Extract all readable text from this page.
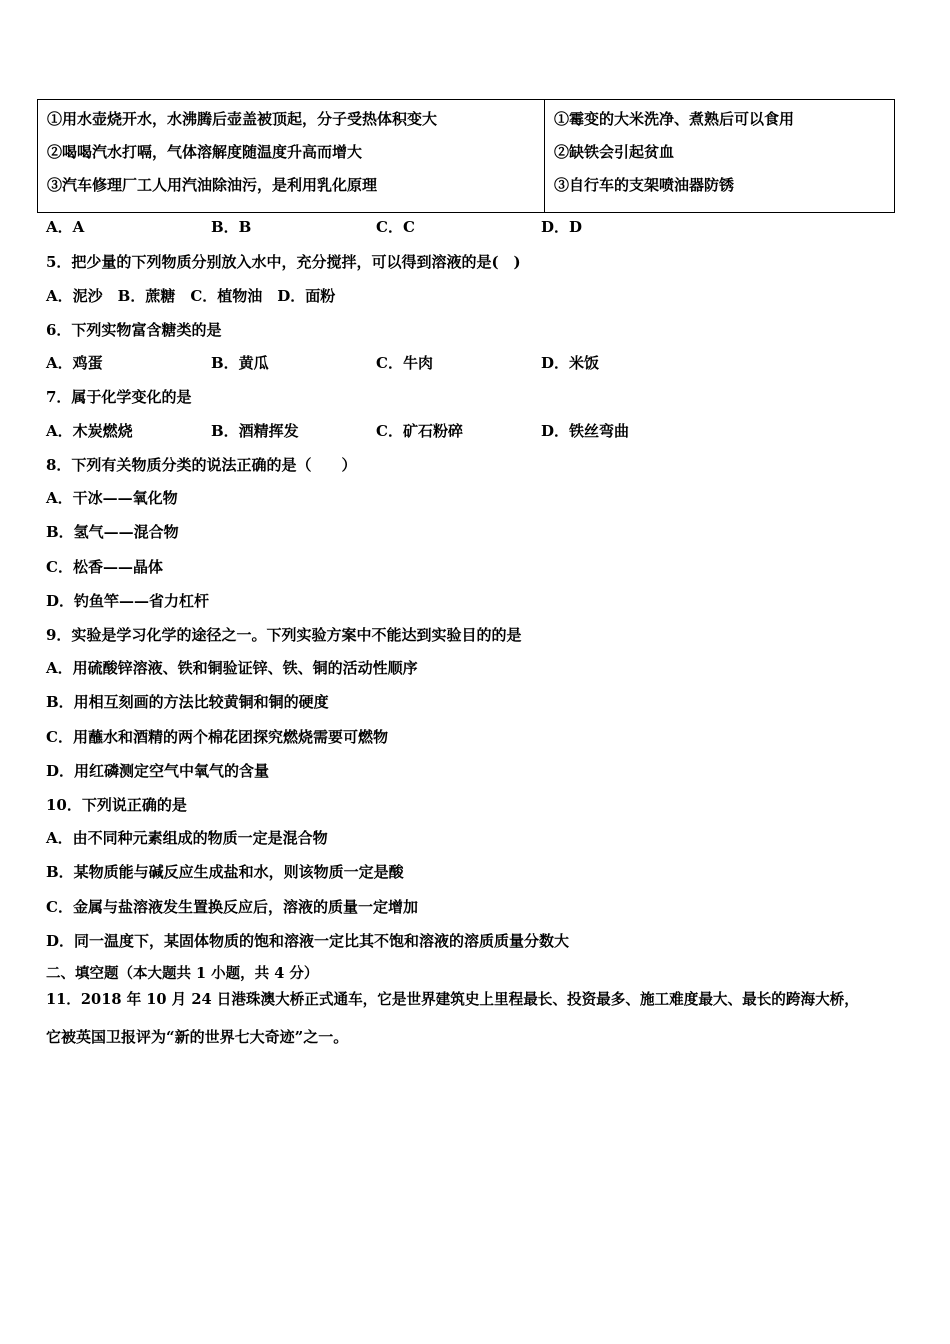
①用水壶烧开水，水沸腾后壶盖被顶起，分子受热体积变大
②喝喝汽水打嗝，气体溶解度随温度升高而增大
③汽车修理厂工人用汽油除油污，是利用乳化原理
①霉变的大米洗净、煮熟后可以食用
②缺铁会引起贫血
③自行车的支架喷油器防锈
A．A	B．B	C．C	D．D
5．把少量的下列物质分别放入水中，充分搅拌，可以得到溶液的是(　)
A．泥沙　B．蔗糖　C．植物油　D．面粉
6．下列实物富含糖类的是
A．鸡蛋	B．黄瓜	C．牛肉	D．米饭
7．属于化学变化的是
A．木炭燃烧	B．酒精挥发	C．矿石粉碎	D．铁丝弯曲
8．下列有关物质分类的说法正确的是（　　）
A．干冰——氧化物
B．氢气——混合物
C．松香——晶体
D．钓鱼竿——省力杠杆
9．实验是学习化学的途径之一。下列实验方案中不能达到实验目的的是
A．用硫酸锌溶液、铁和铜验证锌、铁、铜的活动性顺序
B．用相互刻画的方法比较黄铜和铜的硬度
C．用蘸水和酒精的两个棉花团探究燃烧需要可燃物
D．用红磷测定空气中氧气的含量
10．下列说正确的是
A．由不同种元素组成的物质一定是混合物
B．某物质能与碱反应生成盐和水，则该物质一定是酸
C．金属与盐溶液发生置换反应后，溶液的质量一定增加
D．同一温度下，某固体物质的饱和溶液一定比其不饱和溶液的溶质质量分数大
二、填空题（本大题共 1 小题，共 4 分）
11．2018 年 10 月 24 日港珠澳大桥正式通车，它是世界建筑史上里程最长、投资最多、施工难度最大、最长的跨海大桥，
它被英国卫报评为“新的世界七大奇迹”之一。
